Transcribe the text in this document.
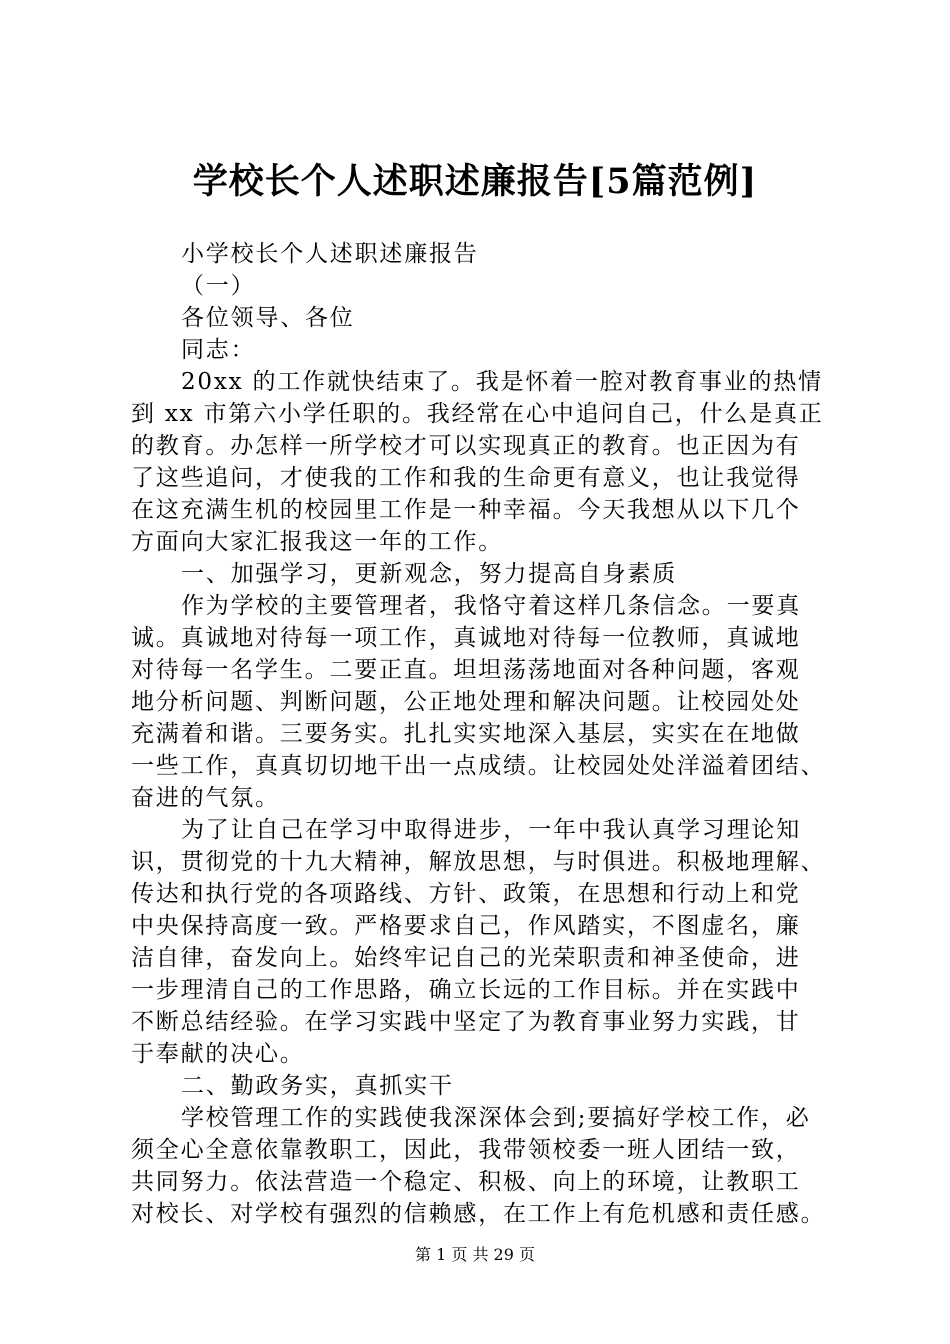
学校长个人述职述廉报告[5篇范例]
小学校长个人述职述廉报告
（一）
各位领导、各位
同志：
20xx 的工作就快结束了。我是怀着一腔对教育事业的热情
到 xx 市第六小学任职的。我经常在心中追问自己，什么是真正
的教育。办怎样一所学校才可以实现真正的教育。也正因为有
了这些追问，才使我的工作和我的生命更有意义，也让我觉得
在这充满生机的校园里工作是一种幸福。今天我想从以下几个
方面向大家汇报我这一年的工作。
一、加强学习，更新观念，努力提高自身素质
作为学校的主要管理者，我恪守着这样几条信念。一要真
诚。真诚地对待每一项工作，真诚地对待每一位教师，真诚地
对待每一名学生。二要正直。坦坦荡荡地面对各种问题，客观
地分析问题、判断问题，公正地处理和解决问题。让校园处处
充满着和谐。三要务实。扎扎实实地深入基层，实实在在地做
一些工作，真真切切地干出一点成绩。让校园处处洋溢着团结、
奋进的气氛。
为了让自己在学习中取得进步，一年中我认真学习理论知
识，贯彻党的十九大精神，解放思想，与时俱进。积极地理解、
传达和执行党的各项路线、方针、政策，在思想和行动上和党
中央保持高度一致。严格要求自己，作风踏实，不图虚名，廉
洁自律，奋发向上。始终牢记自己的光荣职责和神圣使命，进
一步理清自己的工作思路，确立长远的工作目标。并在实践中
不断总结经验。在学习实践中坚定了为教育事业努力实践，甘
于奉献的决心。
二、勤政务实，真抓实干
学校管理工作的实践使我深深体会到;要搞好学校工作，必
须全心全意依靠教职工，因此，我带领校委一班人团结一致，
共同努力。依法营造一个稳定、积极、向上的环境，让教职工
对校长、对学校有强烈的信赖感，在工作上有危机感和责任感。
第 1 页 共 29 页
